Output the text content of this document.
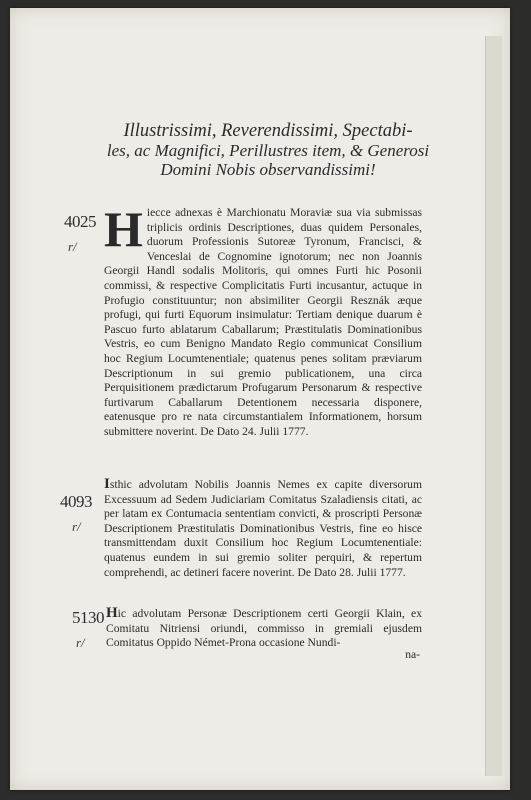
Illustrissimi, Reverendissimi, Spectabi-
les, ac Magnifici, Perillustres item, & Generosi
Domini Nobis observandissimi!
4025
r/ Hiecce adnexas è Marchionatu Moraviæ sua via submissas triplicis ordinis Descriptiones, duas quidem Personales, duorum Professionis Sutoreæ Tyronum, Francisci, & Venceslai de Cognomine ignotorum; nec non Joannis Georgii Handl sodalis Molitoris, qui omnes Furti hic Posonii commissi, & respective Complicitatis Furti incusantur, actuque in Profugio constituuntur; non absimiliter Georgii Resznák æque profugi, qui furti Equorum insimulatur: Tertiam denique duarum è Pascuo furto ablatarum Caballarum; Præstitulatis Dominationibus Vestris, eo cum Benigno Mandato Regio communicat Consilium hoc Regium Locumtenentiale; quatenus penes solitam præviarum Descriptionum in sui gremio publicationem, una circa Perquisitionem prædictarum Profugarum Personarum & respective furtivarum Caballarum Detentionem necessaria disponere, eatenusque pro re nata circumstantialem Informationem, horsum submittere noverint. De Dato 24. Julii 1777.
4093
r/
Isthic advolutam Nobilis Joannis Nemes ex capite diversorum Excessuum ad Sedem Judiciariam Comitatus Szaladiensis citati, ac per latam ex Contumacia sententiam convicti, & proscripti Personæ Descriptionem Præstitulatis Dominationibus Vestris, fine eo hisce transmittendam duxit Consilium hoc Regium Locumtenentiale: quatenus eundem in sui gremio soliter perquiri, & repertum comprehendi, ac detineri facere noverint. De Dato 28. Julii 1777.
5130
r/
Hic advolutam Personæ Descriptionem certi Georgii Klain, ex Comitatu Nitriensi oriundi, commisso in gremiali ejusdem Comitatus Oppido Német-Prona occasione Nundi-
na-
